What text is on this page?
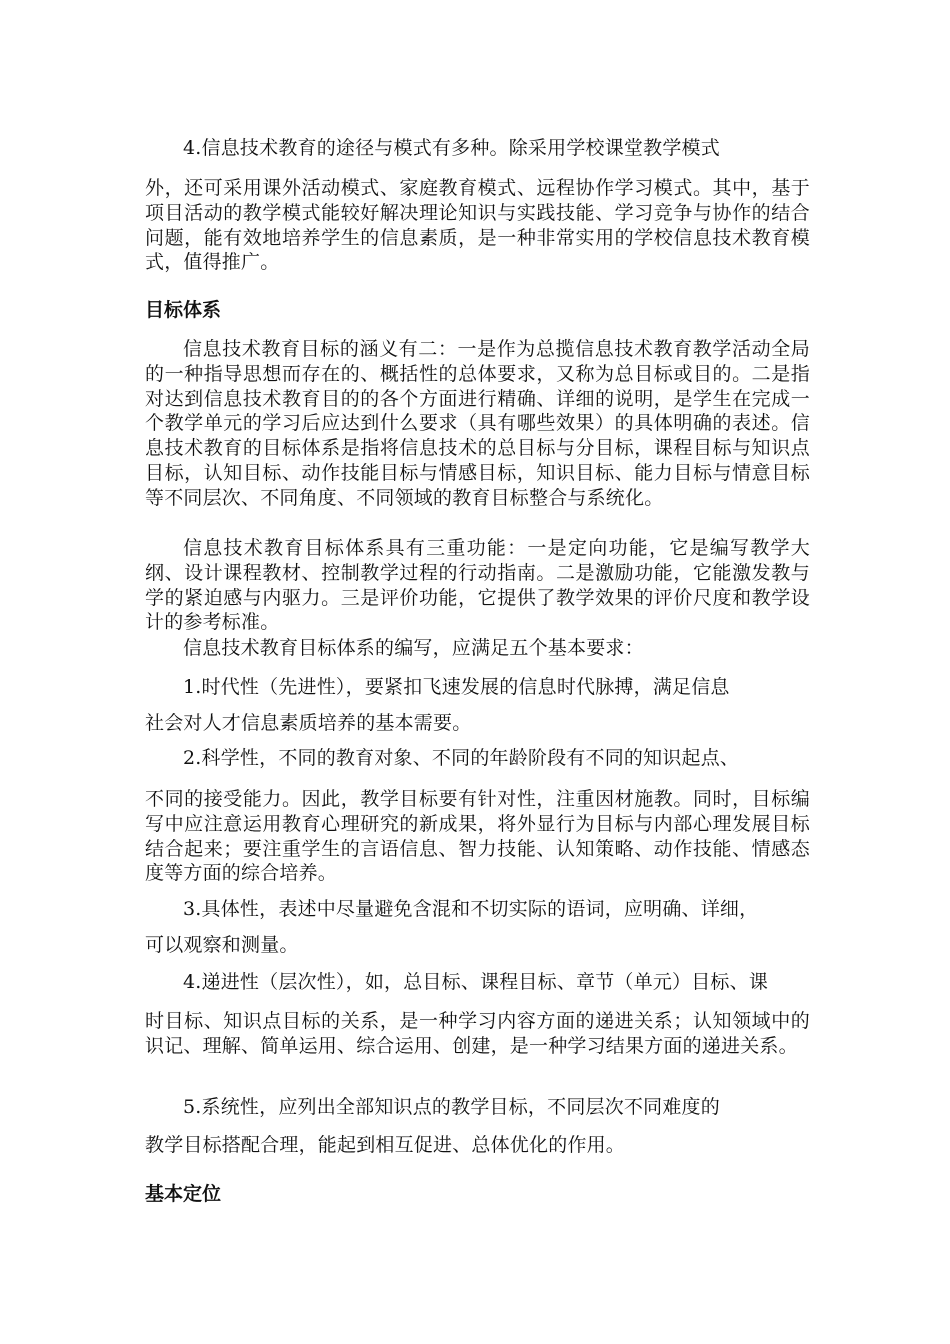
4.信息技术教育的途径与模式有多种。除采用学校课堂教学模式

外，还可采用课外活动模式、家庭教育模式、远程协作学习模式。其中，基于项目活动的教学模式能较好解决理论知识与实践技能、学习竞争与协作的结合问题，能有效地培养学生的信息素质，是一种非常实用的学校信息技术教育模式，值得推广。

目标体系

信息技术教育目标的涵义有二：一是作为总揽信息技术教育教学活动全局的一种指导思想而存在的、概括性的总体要求，又称为总目标或目的。二是指对达到信息技术教育目的的各个方面进行精确、详细的说明，是学生在完成一个教学单元的学习后应达到什么要求（具有哪些效果）的具体明确的表述。信息技术教育的目标体系是指将信息技术的总目标与分目标，课程目标与知识点目标，认知目标、动作技能目标与情感目标，知识目标、能力目标与情意目标等不同层次、不同角度、不同领域的教育目标整合与系统化。

信息技术教育目标体系具有三重功能：一是定向功能，它是编写教学大纲、设计课程教材、控制教学过程的行动指南。二是激励功能，它能激发教与学的紧迫感与内驱力。三是评价功能，它提供了教学效果的评价尺度和教学设计的参考标准。

信息技术教育目标体系的编写，应满足五个基本要求：

1.时代性（先进性），要紧扣飞速发展的信息时代脉搏，满足信息

社会对人才信息素质培养的基本需要。

2.科学性，不同的教育对象、不同的年龄阶段有不同的知识起点、

不同的接受能力。因此，教学目标要有针对性，注重因材施教。同时，目标编写中应注意运用教育心理研究的新成果，将外显行为目标与内部心理发展目标结合起来；要注重学生的言语信息、智力技能、认知策略、动作技能、情感态度等方面的综合培养。

3.具体性，表述中尽量避免含混和不切实际的语词，应明确、详细，

可以观察和测量。

4.递进性（层次性），如，总目标、课程目标、章节（单元）目标、课

时目标、知识点目标的关系，是一种学习内容方面的递进关系；认知领域中的识记、理解、简单运用、综合运用、创建，是一种学习结果方面的递进关系。

5.系统性，应列出全部知识点的教学目标，不同层次不同难度的

教学目标搭配合理，能起到相互促进、总体优化的作用。

基本定位
